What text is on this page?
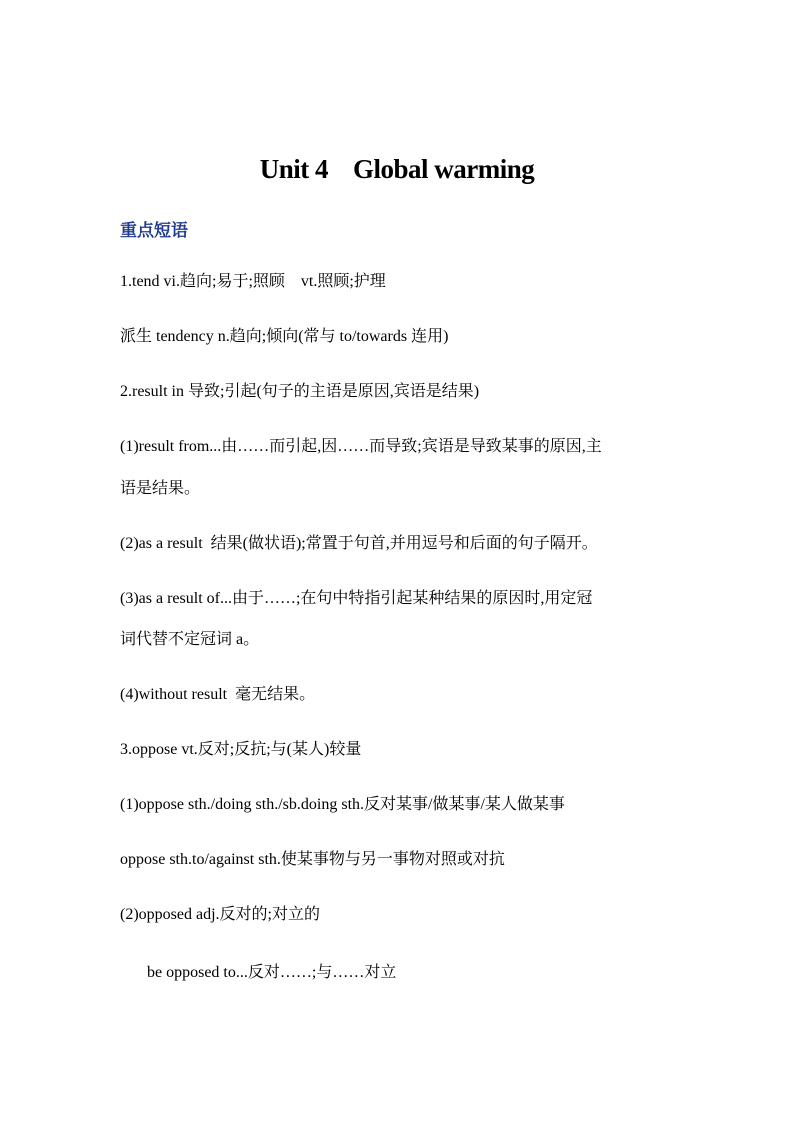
Unit 4    Global warming
重点短语
1.tend vi.趋向;易于;照顾    vt.照顾;护理
派生 tendency n.趋向;倾向(常与 to/towards 连用)
2.result in 导致;引起(句子的主语是原因,宾语是结果)
(1)result from...由……而引起,因……而导致;宾语是导致某事的原因,主
语是结果。
(2)as a result  结果(做状语);常置于句首,并用逗号和后面的句子隔开。
(3)as a result of...由于……;在句中特指引起某种结果的原因时,用定冠
词代替不定冠词 a。
(4)without result  毫无结果。
3.oppose vt.反对;反抗;与(某人)较量
(1)oppose sth./doing sth./sb.doing sth.反对某事/做某事/某人做某事
oppose sth.to/against sth.使某事物与另一事物对照或对抗
(2)opposed adj.反对的;对立的
be opposed to...反对……;与……对立
